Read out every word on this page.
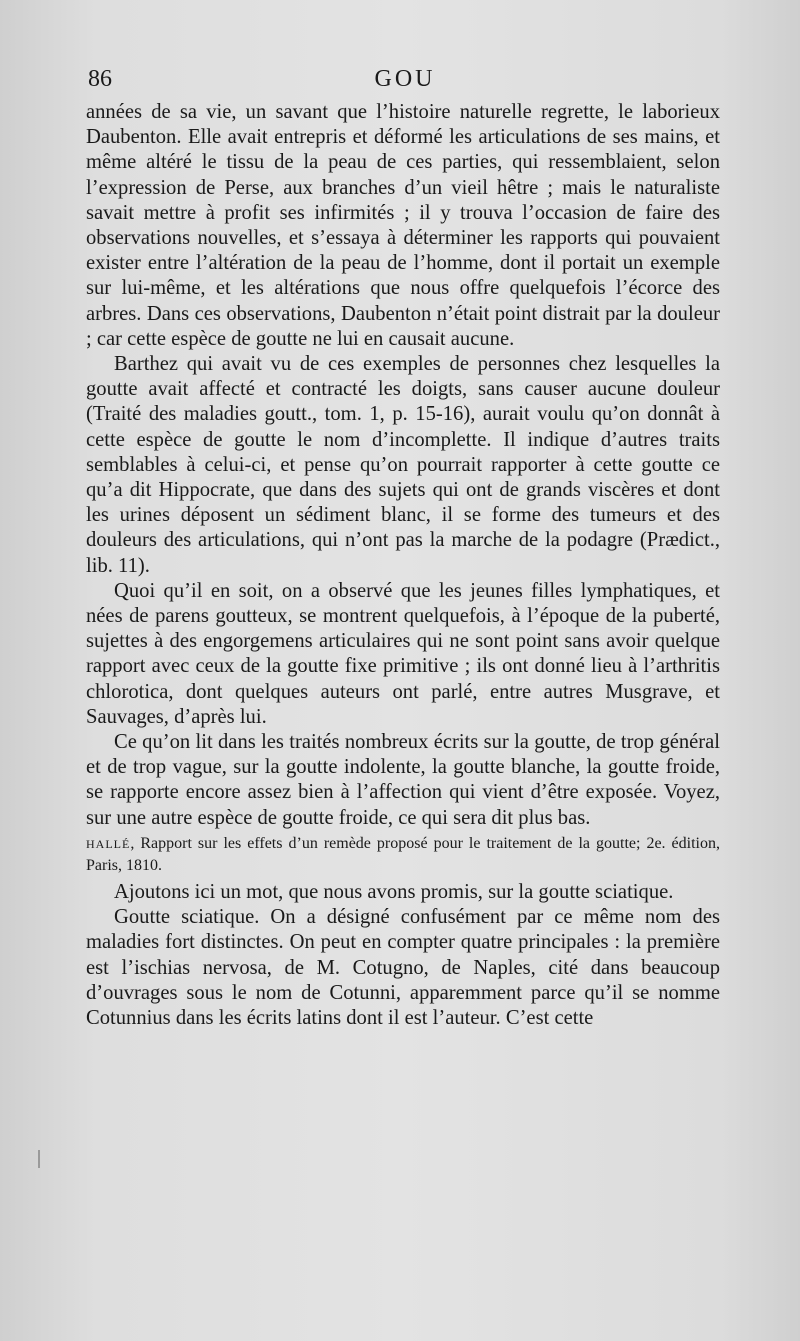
86	GOU

années de sa vie, un savant que l’histoire naturelle regrette, le laborieux Daubenton. Elle avait entrepris et déformé les articulations de ses mains, et même altéré le tissu de la peau de ces parties, qui ressemblaient, selon l’expression de Perse, aux branches d’un vieil hêtre ; mais le naturaliste savait mettre à profit ses infirmités ; il y trouva l’occasion de faire des observations nouvelles, et s’essaya à déterminer les rapports qui pouvaient exister entre l’altération de la peau de l’homme, dont il portait un exemple sur lui-même, et les altérations que nous offre quelquefois l’écorce des arbres. Dans ces observations, Daubenton n’était point distrait par la douleur ; car cette espèce de goutte ne lui en causait aucune.

Barthez qui avait vu de ces exemples de personnes chez lesquelles la goutte avait affecté et contracté les doigts, sans causer aucune douleur (Traité des maladies goutt., tom. 1, p. 15-16), aurait voulu qu’on donnât à cette espèce de goutte le nom d’incomplette. Il indique d’autres traits semblables à celui-ci, et pense qu’on pourrait rapporter à cette goutte ce qu’a dit Hippocrate, que dans des sujets qui ont de grands viscères et dont les urines déposent un sédiment blanc, il se forme des tumeurs et des douleurs des articulations, qui n’ont pas la marche de la podagre (Prædict., lib. 11).

Quoi qu’il en soit, on a observé que les jeunes filles lymphatiques, et nées de parens goutteux, se montrent quelquefois, à l’époque de la puberté, sujettes à des engorgemens articulaires qui ne sont point sans avoir quelque rapport avec ceux de la goutte fixe primitive ; ils ont donné lieu à l’arthritis chlorotica, dont quelques auteurs ont parlé, entre autres Musgrave, et Sauvages, d’après lui.

Ce qu’on lit dans les traités nombreux écrits sur la goutte, de trop général et de trop vague, sur la goutte indolente, la goutte blanche, la goutte froide, se rapporte encore assez bien à l’affection qui vient d’être exposée. Voyez, sur une autre espèce de goutte froide, ce qui sera dit plus bas.

HALLÉ, Rapport sur les effets d’un remède proposé pour le traitement de la goutte; 2e. édition, Paris, 1810.

Ajoutons ici un mot, que nous avons promis, sur la goutte sciatique.

Goutte sciatique. On a désigné confusément par ce même nom des maladies fort distinctes. On peut en compter quatre principales : la première est l’ischias nervosa, de M. Cotugno, de Naples, cité dans beaucoup d’ouvrages sous le nom de Cotunni, apparemment parce qu’il se nomme Cotunnius dans les écrits latins dont il est l’auteur. C’est cette
